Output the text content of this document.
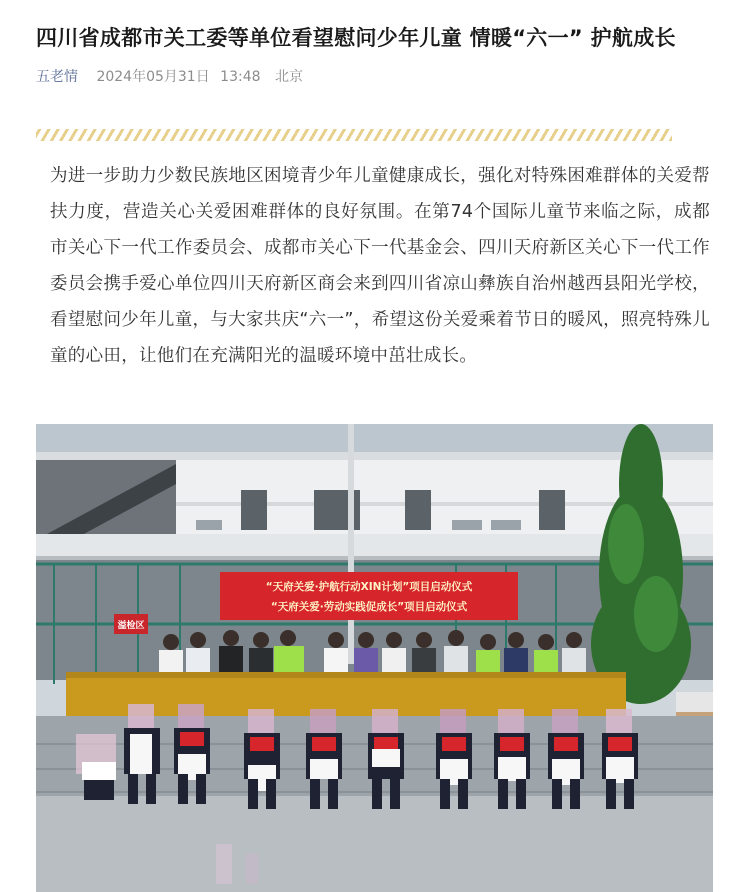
四川省成都市关工委等单位看望慰问少年儿童 情暖“六一” 护航成长
五老情 2024年05月31日 13:48 北京

为进一步助力少数民族地区困境青少年儿童健康成长，强化对特殊困难群体的关爱帮扶力度，营造关心关爱困难群体的良好氛围。在第74个国际儿童节来临之际，成都市关心下一代工作委员会、成都市关心下一代基金会、四川天府新区关心下一代工作委员会携手爱心单位四川天府新区商会来到四川省凉山彝族自治州越西县阳光学校，看望慰问少年儿童，与大家共庆“六一”，希望这份关爱乘着节日的暖风，照亮特殊儿童的心田，让他们在充满阳光的温暖环境中茁壮成长。

溢检区
“天府关爱·护航行动XIN计划”项目启动仪式
“天府关爱·劳动实践促成长”项目启动仪式
